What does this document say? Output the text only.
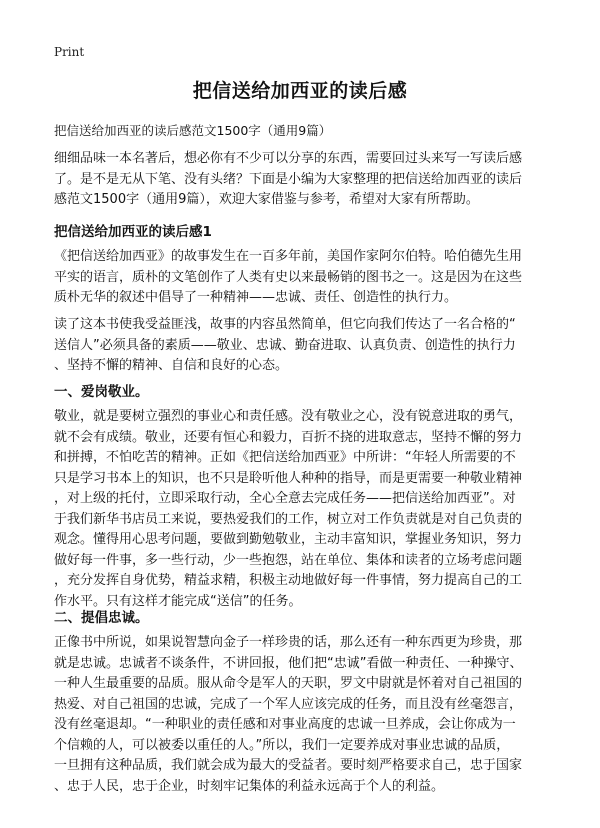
Print
把信送给加西亚的读后感
把信送给加西亚的读后感范文1500字（通用9篇）

细细品味一本名著后，想必你有不少可以分享的东西，需要回过头来写一写读后感
了。是不是无从下笔、没有头绪？下面是小编为大家整理的把信送给加西亚的读后
感范文1500字（通用9篇），欢迎大家借鉴与参考，希望对大家有所帮助。

把信送给加西亚的读后感1

《把信送给加西亚》的故事发生在一百多年前，美国作家阿尔伯特。哈伯德先生用
平实的语言，质朴的文笔创作了人类有史以来最畅销的图书之一。这是因为在这些
质朴无华的叙述中倡导了一种精神——忠诚、责任、创造性的执行力。

读了这本书使我受益匪浅，故事的内容虽然简单，但它向我们传达了一名合格的“
送信人”必须具备的素质——敬业、忠诚、勤奋进取、认真负责、创造性的执行力
、坚持不懈的精神、自信和良好的心态。

一、爱岗敬业。

敬业，就是要树立强烈的事业心和责任感。没有敬业之心，没有锐意进取的勇气，
就不会有成绩。敬业，还要有恒心和毅力，百折不挠的进取意志，坚持不懈的努力
和拼搏，不怕吃苦的精神。正如《把信送给加西亚》中所讲：“年轻人所需要的不
只是学习书本上的知识，也不只是聆听他人种种的指导，而是更需要一种敬业精神
，对上级的托付，立即采取行动，全心全意去完成任务——把信送给加西亚”。对
于我们新华书店员工来说，要热爱我们的工作，树立对工作负责就是对自己负责的
观念。懂得用心思考问题，要做到勤勉敬业，主动丰富知识，掌握业务知识，努力
做好每一件事，多一些行动，少一些抱怨，站在单位、集体和读者的立场考虑问题
，充分发挥自身优势，精益求精，积极主动地做好每一件事情，努力提高自己的工
作水平。只有这样才能完成“送信”的任务。

二、提倡忠诚。

正像书中所说，如果说智慧向金子一样珍贵的话，那么还有一种东西更为珍贵，那
就是忠诚。忠诚者不谈条件，不讲回报，他们把“忠诚”看做一种责任、一种操守、
一种人生最重要的品质。服从命令是军人的天职，罗文中尉就是怀着对自己祖国的
热爱、对自己祖国的忠诚，完成了一个军人应该完成的任务，而且没有丝毫怨言，
没有丝毫退却。“一种职业的责任感和对事业高度的忠诚一旦养成，会让你成为一
个信赖的人，可以被委以重任的人。”所以，我们一定要养成对事业忠诚的品质，
一旦拥有这种品质，我们就会成为最大的受益者。要时刻严格要求自己，忠于国家
、忠于人民，忠于企业，时刻牢记集体的利益永远高于个人的利益。
